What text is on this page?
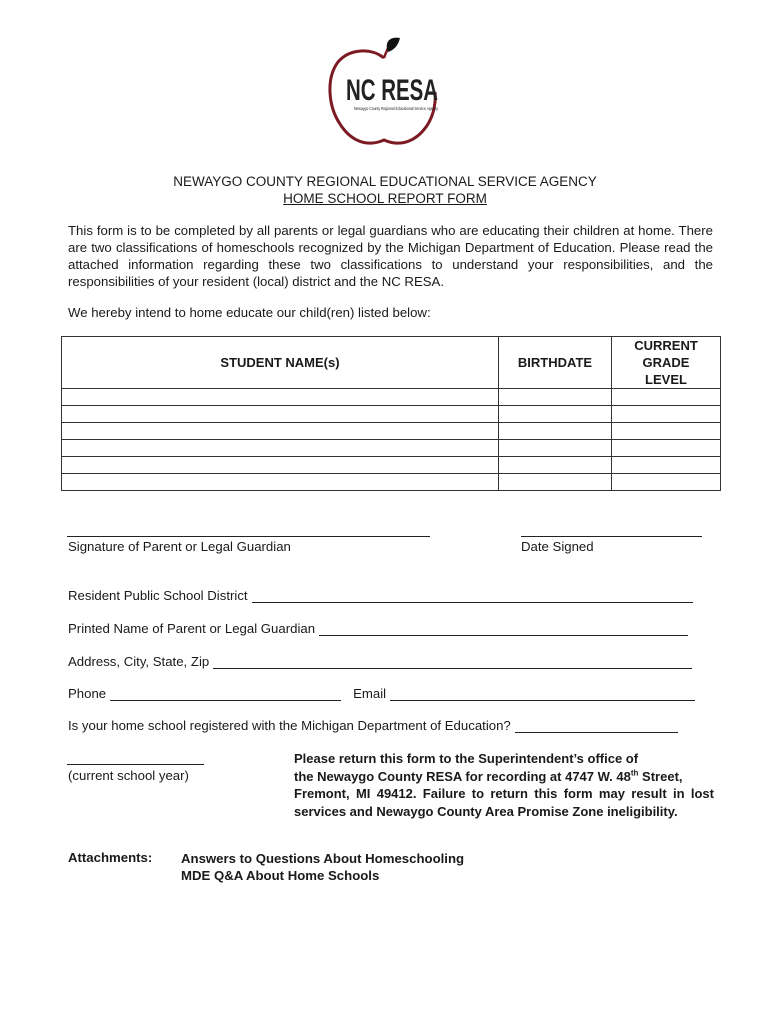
NC RESA
Newaygo County Regional Educational Service Agency
NEWAYGO COUNTY REGIONAL EDUCATIONAL SERVICE AGENCY
HOME SCHOOL REPORT FORM
This form is to be completed by all parents or legal guardians who are educating their children at home. There are two classifications of homeschools recognized by the Michigan Department of Education. Please read the attached information regarding these two classifications to understand your responsibilities, and the responsibilities of your resident (local) district and the NC RESA.
We hereby intend to home educate our child(ren) listed below:
STUDENT NAME(s)	BIRTHDATE	CURRENT
GRADE
LEVEL

Signature of Parent or Legal Guardian	Date Signed
Resident Public School District
Printed Name of Parent or Legal Guardian
Address, City, State, Zip
Phone	Email
Is your home school registered with the Michigan Department of Education?
(current school year)
Please return this form to the Superintendent’s office of
the Newaygo County RESA for recording at 4747 W. 48th Street,
Fremont, MI 49412. Failure to return this form may result in lost services and Newaygo County Area Promise Zone ineligibility.
Attachments: Answers to Questions About Homeschooling
MDE Q&A About Home Schools
